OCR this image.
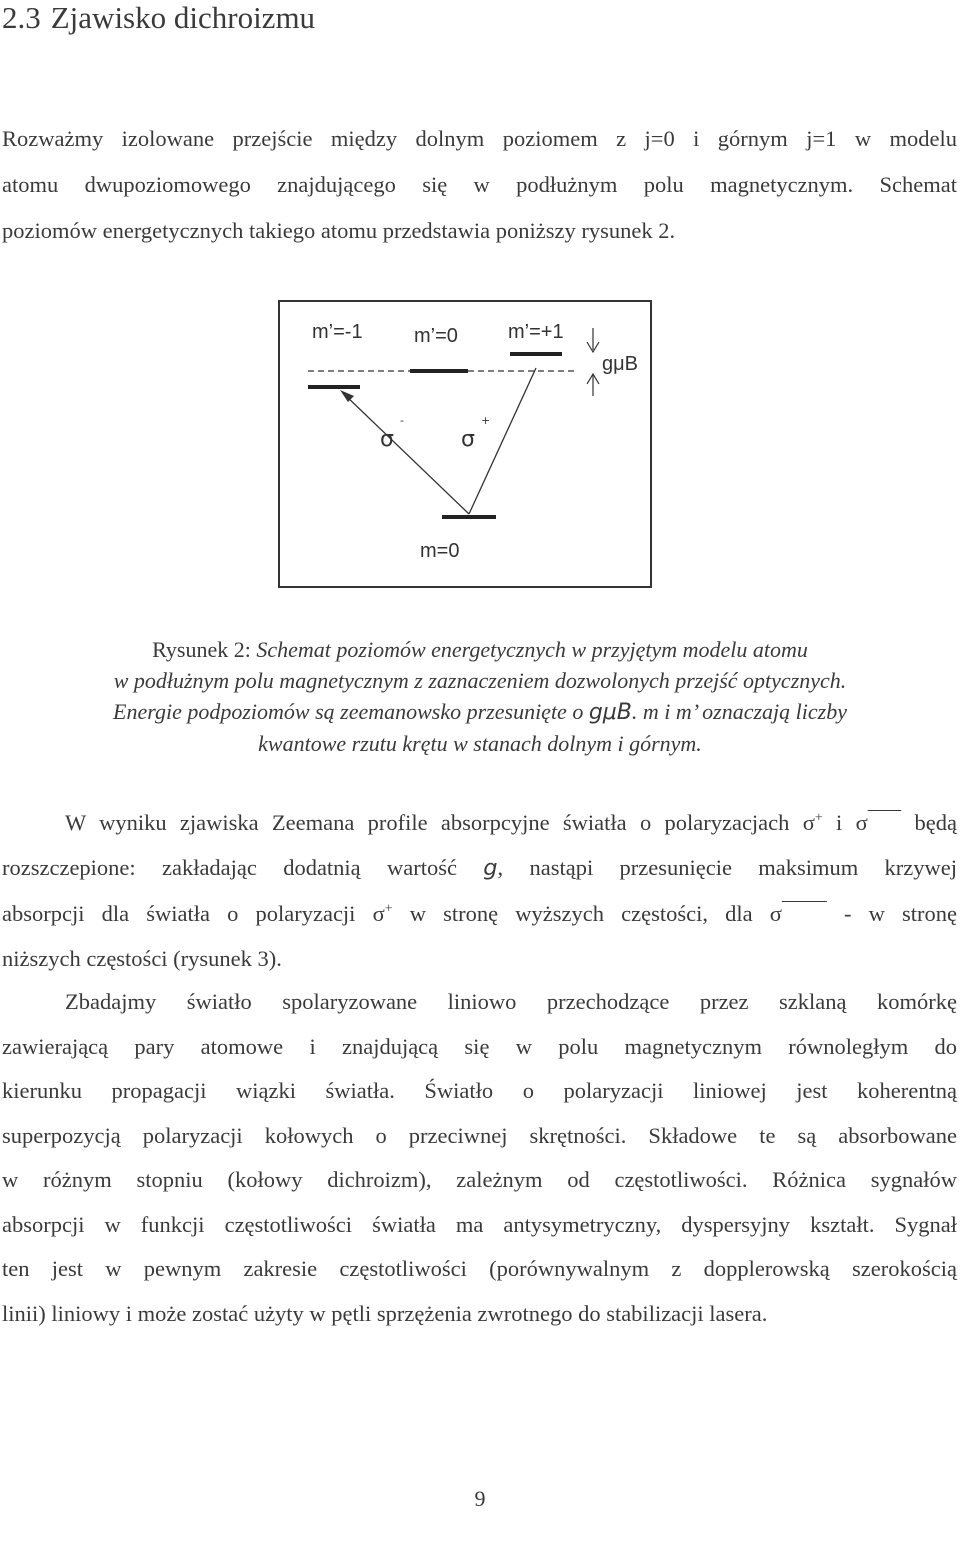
2.3 Zjawisko dichroizmu
Rozważmy izolowane przejście między dolnym poziomem z j=0 i górnym j=1 w modelu
atomu dwupoziomowego znajdującego się w podłużnym polu magnetycznym. Schemat
poziomów energetycznych takiego atomu przedstawia poniższy rysunek 2.
m’=-1	m’=0	m’=+1
gμB
σ
-
σ
+
m=0
Rysunek 2: Schemat poziomów energetycznych w przyjętym modelu atomu
w podłużnym polu magnetycznym z zaznaczeniem dozwolonych przejść optycznych.
Energie podpoziomów są zeemanowsko przesunięte o gμB. m i m’ oznaczają liczby
kwantowe rzutu krętu w stanach dolnym i górnym.
W wyniku zjawiska Zeemana profile absorpcyjne światła o polaryzacjach σ+ i σ    będą
rozszczepione: zakładając dodatnią wartość g, nastąpi przesunięcie maksimum krzywej
absorpcji dla światła o polaryzacji σ+ w stronę wyższych częstości, dla σ    - w stronę
niższych częstości (rysunek 3).
Zbadajmy światło spolaryzowane liniowo przechodzące przez szklaną komórkę
zawierającą pary atomowe i znajdującą się w polu magnetycznym równoległym do
kierunku propagacji wiązki światła. Światło o polaryzacji liniowej jest koherentną
superpozycją polaryzacji kołowych o przeciwnej skrętności. Składowe te są absorbowane
w różnym stopniu (kołowy dichroizm), zależnym od częstotliwości. Różnica sygnałów
absorpcji w funkcji częstotliwości światła ma antysymetryczny, dyspersyjny kształt. Sygnał
ten jest w pewnym zakresie częstotliwości (porównywalnym z dopplerowską szerokością
linii) liniowy i może zostać użyty w pętli sprzężenia zwrotnego do stabilizacji lasera.
9
